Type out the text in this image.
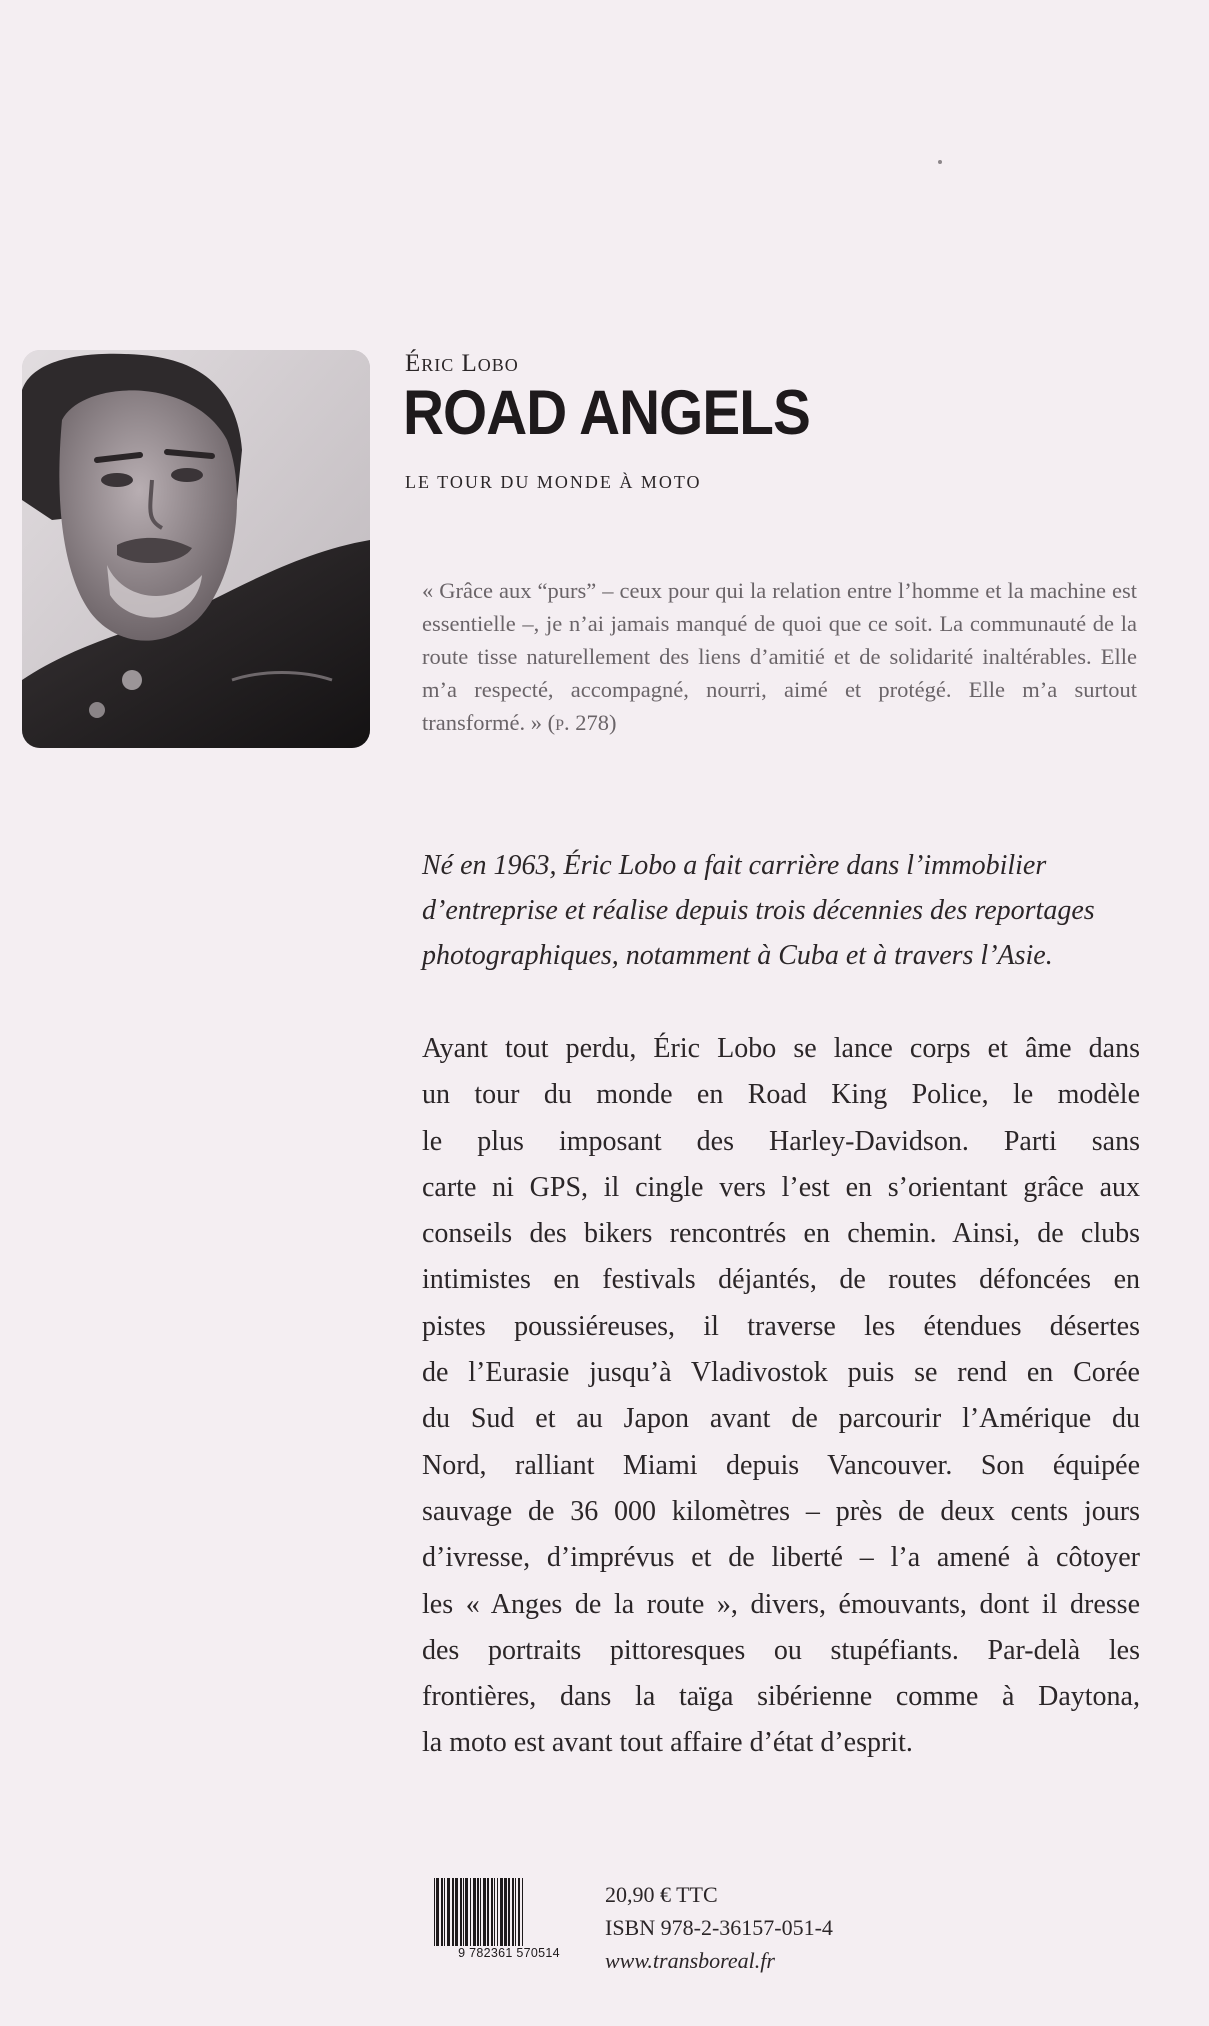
Éric Lobo
ROAD ANGELS
LE TOUR DU MONDE À MOTO
« Grâce aux “purs” – ceux pour qui la relation entre l’homme et la machine est essentielle –, je n’ai jamais manqué de quoi que ce soit. La communauté de la route tisse naturellement des liens d’amitié et de solidarité inaltérables. Elle m’a respecté, accompagné, nourri, aimé et protégé. Elle m’a surtout transformé. » (p. 278)
Né en 1963, Éric Lobo a fait carrière dans l’immobilier
d’entreprise et réalise depuis trois décennies des reportages
photographiques, notamment à Cuba et à travers l’Asie.
Ayant tout perdu, Éric Lobo se lance corps et âme dans
un tour du monde en Road King Police, le modèle
le plus imposant des Harley-Davidson. Parti sans
carte ni GPS, il cingle vers l’est en s’orientant grâce aux
conseils des bikers rencontrés en chemin. Ainsi, de clubs
intimistes en festivals déjantés, de routes défoncées en
pistes poussiéreuses, il traverse les étendues désertes
de l’Eurasie jusqu’à Vladivostok puis se rend en Corée
du Sud et au Japon avant de parcourir l’Amérique du
Nord, ralliant Miami depuis Vancouver. Son équipée
sauvage de 36 000 kilomètres – près de deux cents jours
d’ivresse, d’imprévus et de liberté – l’a amené à côtoyer
les « Anges de la route », divers, émouvants, dont il dresse
des portraits pittoresques ou stupéfiants. Par-delà les
frontières, dans la taïga sibérienne comme à Daytona,
la moto est avant tout affaire d’état d’esprit.
9 782361 570514
20,90 € TTC
ISBN 978-2-36157-051-4
www.transboreal.fr
